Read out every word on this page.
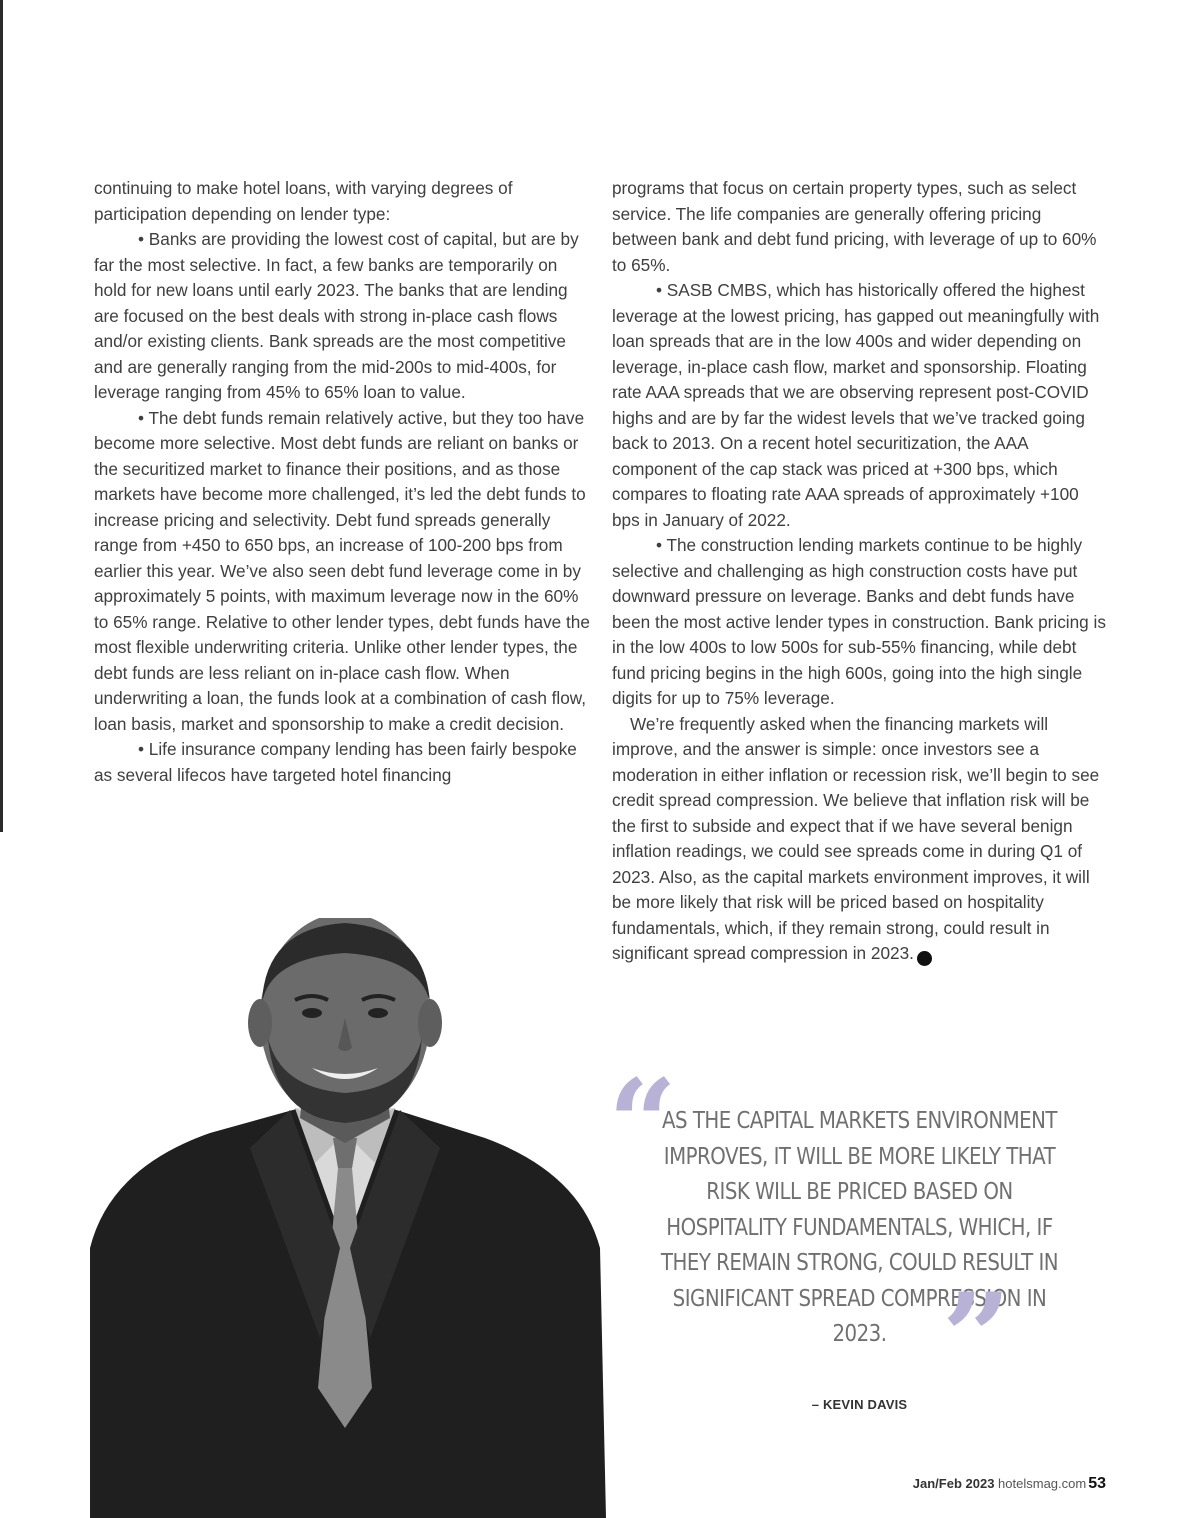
continuing to make hotel loans, with varying degrees of participation depending on lender type:

• Banks are providing the lowest cost of capital, but are by far the most selective. In fact, a few banks are temporarily on hold for new loans until early 2023. The banks that are lending are focused on the best deals with strong in-place cash flows and/or existing clients. Bank spreads are the most competitive and are generally ranging from the mid-200s to mid-400s, for leverage ranging from 45% to 65% loan to value.

• The debt funds remain relatively active, but they too have become more selective. Most debt funds are reliant on banks or the securitized market to finance their positions, and as those markets have become more challenged, it’s led the debt funds to increase pricing and selectivity. Debt fund spreads generally range from +450 to 650 bps, an increase of 100-200 bps from earlier this year. We’ve also seen debt fund leverage come in by approximately 5 points, with maximum leverage now in the 60% to 65% range. Relative to other lender types, debt funds have the most flexible underwriting criteria. Unlike other lender types, the debt funds are less reliant on in-place cash flow. When underwriting a loan, the funds look at a combination of cash flow, loan basis, market and sponsorship to make a credit decision.

• Life insurance company lending has been fairly bespoke as several lifecos have targeted hotel financing

programs that focus on certain property types, such as select service. The life companies are generally offering pricing between bank and debt fund pricing, with leverage of up to 60% to 65%.

• SASB CMBS, which has historically offered the highest leverage at the lowest pricing, has gapped out meaningfully with loan spreads that are in the low 400s and wider depending on leverage, in-place cash flow, market and sponsorship. Floating rate AAA spreads that we are observing represent post-COVID highs and are by far the widest levels that we’ve tracked going back to 2013. On a recent hotel securitization, the AAA component of the cap stack was priced at +300 bps, which compares to floating rate AAA spreads of approximately +100 bps in January of 2022.

• The construction lending markets continue to be highly selective and challenging as high construction costs have put downward pressure on leverage. Banks and debt funds have been the most active lender types in construction. Bank pricing is in the low 400s to low 500s for sub-55% financing, while debt fund pricing begins in the high 600s, going into the high single digits for up to 75% leverage.

We’re frequently asked when the financing markets will improve, and the answer is simple: once investors see a moderation in either inflation or recession risk, we’ll begin to see credit spread compression. We believe that inflation risk will be the first to subside and expect that if we have several benign inflation readings, we could see spreads come in during Q1 of 2023. Also, as the capital markets environment improves, it will be more likely that risk will be priced based on hospitality fundamentals, which, if they remain strong, could result in significant spread compression in 2023. H

“
AS THE CAPITAL MARKETS ENVIRONMENT IMPROVES, IT WILL BE MORE LIKELY THAT RISK WILL BE PRICED BASED ON HOSPITALITY FUNDAMENTALS, WHICH, IF THEY REMAIN STRONG, COULD RESULT IN SIGNIFICANT SPREAD COMPRESSION IN 2023. ”
– KEVIN DAVIS
Jan/Feb 2023 hotelsmag.com 53
